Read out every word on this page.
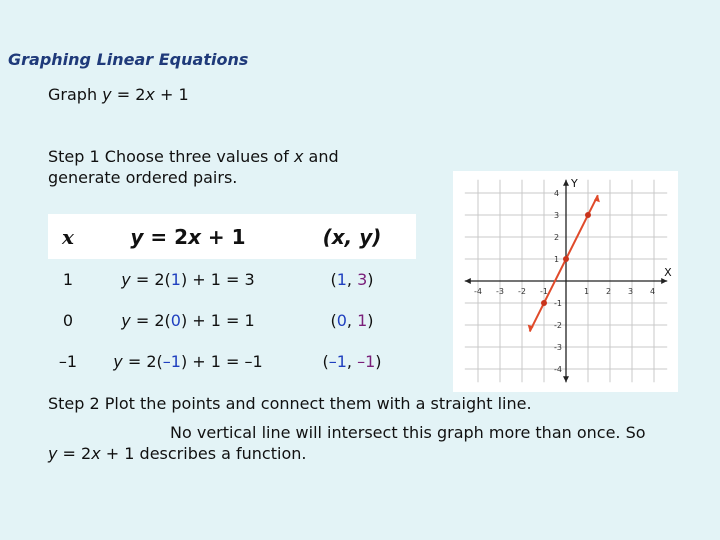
Graphing Linear Equations
Graph y = 2x + 1
Step 1 Choose three values of x and generate ordered pairs.
x	y = 2x + 1	(x, y)
1	y = 2(1) + 1 = 3	(1, 3)
0	y = 2(0) + 1 = 1	(0, 1)
–1	y = 2(–1) + 1 = –1	(–1, –1)
X
Y
-4 -3 -2 -1	1 2 3 4
4
3
2
1
-1
-2
-3
-4
Step 2 Plot the points and connect them with a straight line.
No vertical line will intersect this graph more than once. So
y = 2x + 1 describes a function.
